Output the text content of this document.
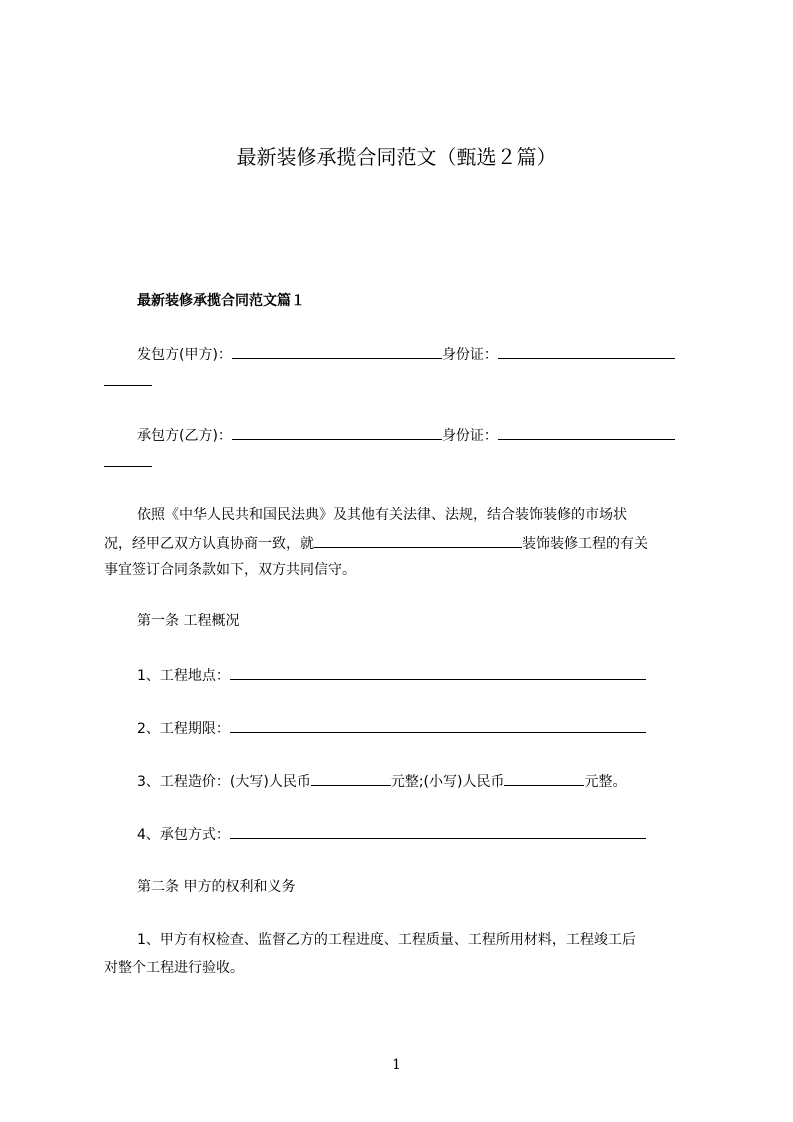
最新装修承揽合同范文（甄选２篇）
最新装修承揽合同范文篇１
发包方(甲方)：	身份证：
承包方(乙方)：	身份证：
依照《中华人民共和国民法典》及其他有关法律、法规，结合装饰装修的市场状
况，经甲乙双方认真协商一致，就	装饰装修工程的有关
事宜签订合同条款如下，双方共同信守。
第一条 工程概况
1、工程地点：
2、工程期限：
3、工程造价：(大写)人民币	元整;(小写)人民币	元整。
4、承包方式：
第二条 甲方的权利和义务
1、甲方有权检查、监督乙方的工程进度、工程质量、工程所用材料，工程竣工后
对整个工程进行验收。
1
